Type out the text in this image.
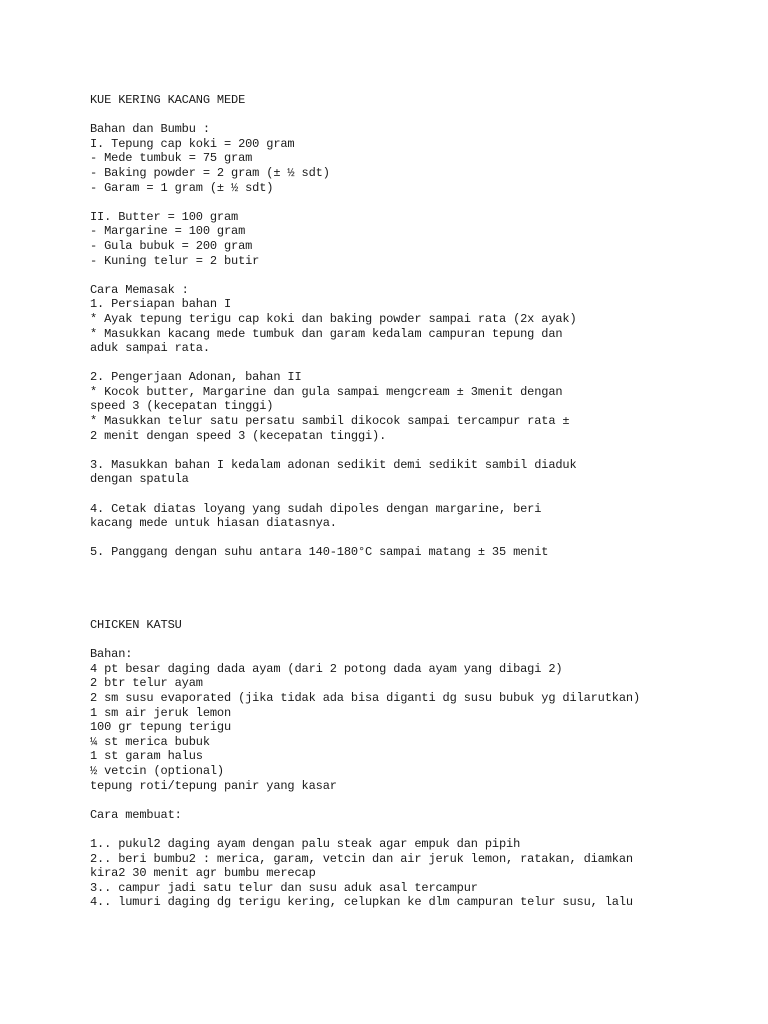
KUE KERING KACANG MEDE
Bahan dan Bumbu :
I. Tepung cap koki = 200 gram
- Mede tumbuk = 75 gram
- Baking powder = 2 gram (± ½ sdt)
- Garam = 1 gram (± ½ sdt)
II. Butter = 100 gram
- Margarine = 100 gram
- Gula bubuk = 200 gram
- Kuning telur = 2 butir
Cara Memasak :
1. Persiapan bahan I
* Ayak tepung terigu cap koki dan baking powder sampai rata (2x ayak)
* Masukkan kacang mede tumbuk dan garam kedalam campuran tepung dan
aduk sampai rata.
2. Pengerjaan Adonan, bahan II
* Kocok butter, Margarine dan gula sampai mengcream ± 3menit dengan
speed 3 (kecepatan tinggi)
* Masukkan telur satu persatu sambil dikocok sampai tercampur rata ±
2 menit dengan speed 3 (kecepatan tinggi).
3. Masukkan bahan I kedalam adonan sedikit demi sedikit sambil diaduk
dengan spatula
4. Cetak diatas loyang yang sudah dipoles dengan margarine, beri
kacang mede untuk hiasan diatasnya.
5. Panggang dengan suhu antara 140-180°C sampai matang ± 35 menit
CHICKEN KATSU
Bahan:
4 pt besar daging dada ayam (dari 2 potong dada ayam yang dibagi 2)
2 btr telur ayam
2 sm susu evaporated (jika tidak ada bisa diganti dg susu bubuk yg dilarutkan)
1 sm air jeruk lemon
100 gr tepung terigu
¼ st merica bubuk
1 st garam halus
½ vetcin (optional)
tepung roti/tepung panir yang kasar
Cara membuat:
1.. pukul2 daging ayam dengan palu steak agar empuk dan pipih
2.. beri bumbu2 : merica, garam, vetcin dan air jeruk lemon, ratakan, diamkan
kira2 30 menit agr bumbu merecap
3.. campur jadi satu telur dan susu aduk asal tercampur
4.. lumuri daging dg terigu kering, celupkan ke dlm campuran telur susu, lalu
